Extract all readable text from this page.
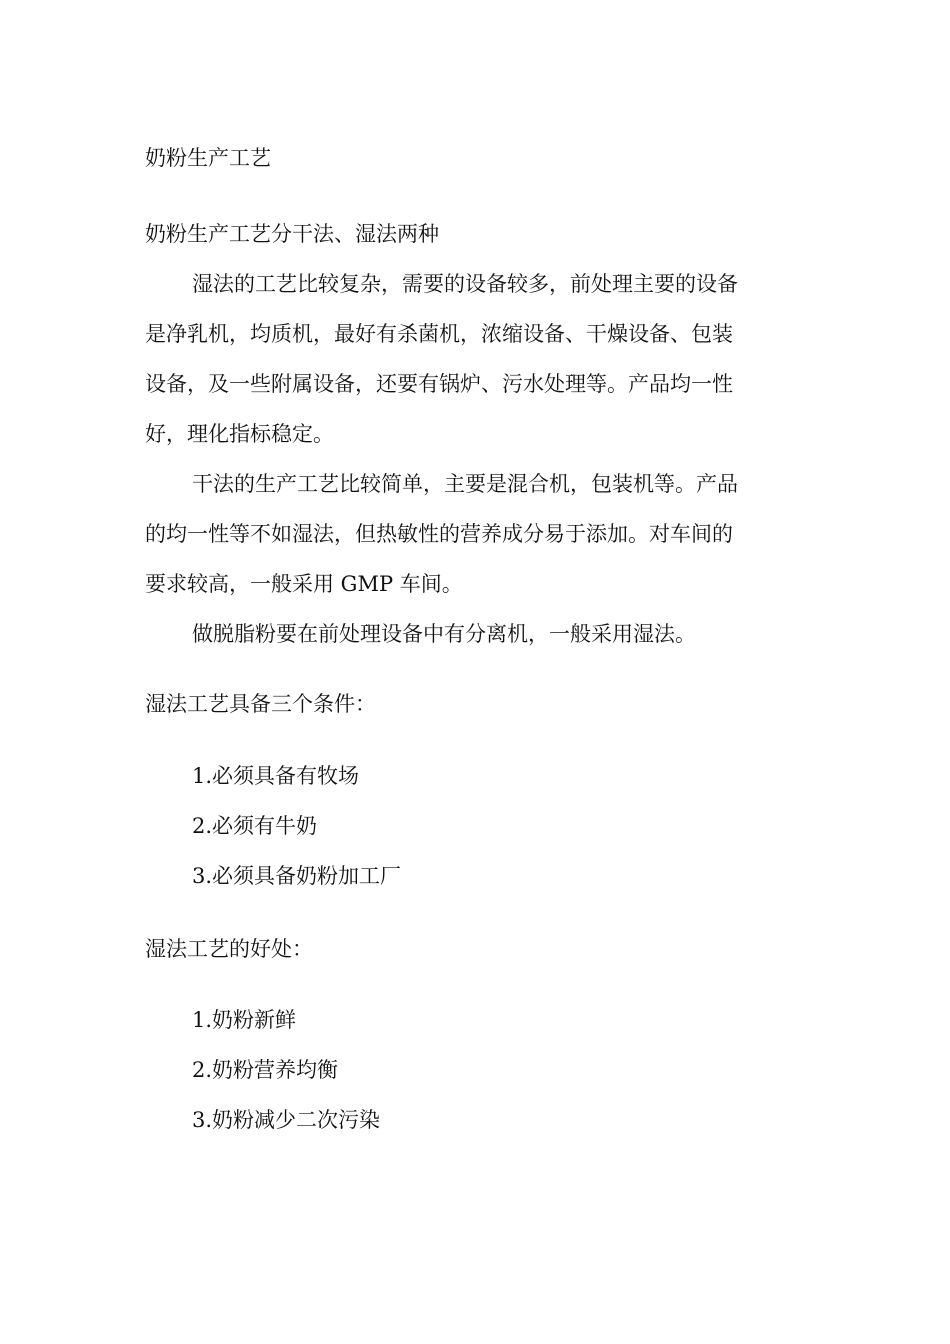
奶粉生产工艺
奶粉生产工艺分干法、湿法两种
湿法的工艺比较复杂，需要的设备较多，前处理主要的设备
是净乳机，均质机，最好有杀菌机，浓缩设备、干燥设备、包装
设备，及一些附属设备，还要有锅炉、污水处理等。产品均一性
好，理化指标稳定。
干法的生产工艺比较简单，主要是混合机，包装机等。产品
的均一性等不如湿法，但热敏性的营养成分易于添加。对车间的
要求较高，一般采用 GMP 车间。
做脱脂粉要在前处理设备中有分离机，一般采用湿法。
湿法工艺具备三个条件：
1.必须具备有牧场
2.必须有牛奶
3.必须具备奶粉加工厂
湿法工艺的好处：
1.奶粉新鲜
2.奶粉营养均衡
3.奶粉减少二次污染
